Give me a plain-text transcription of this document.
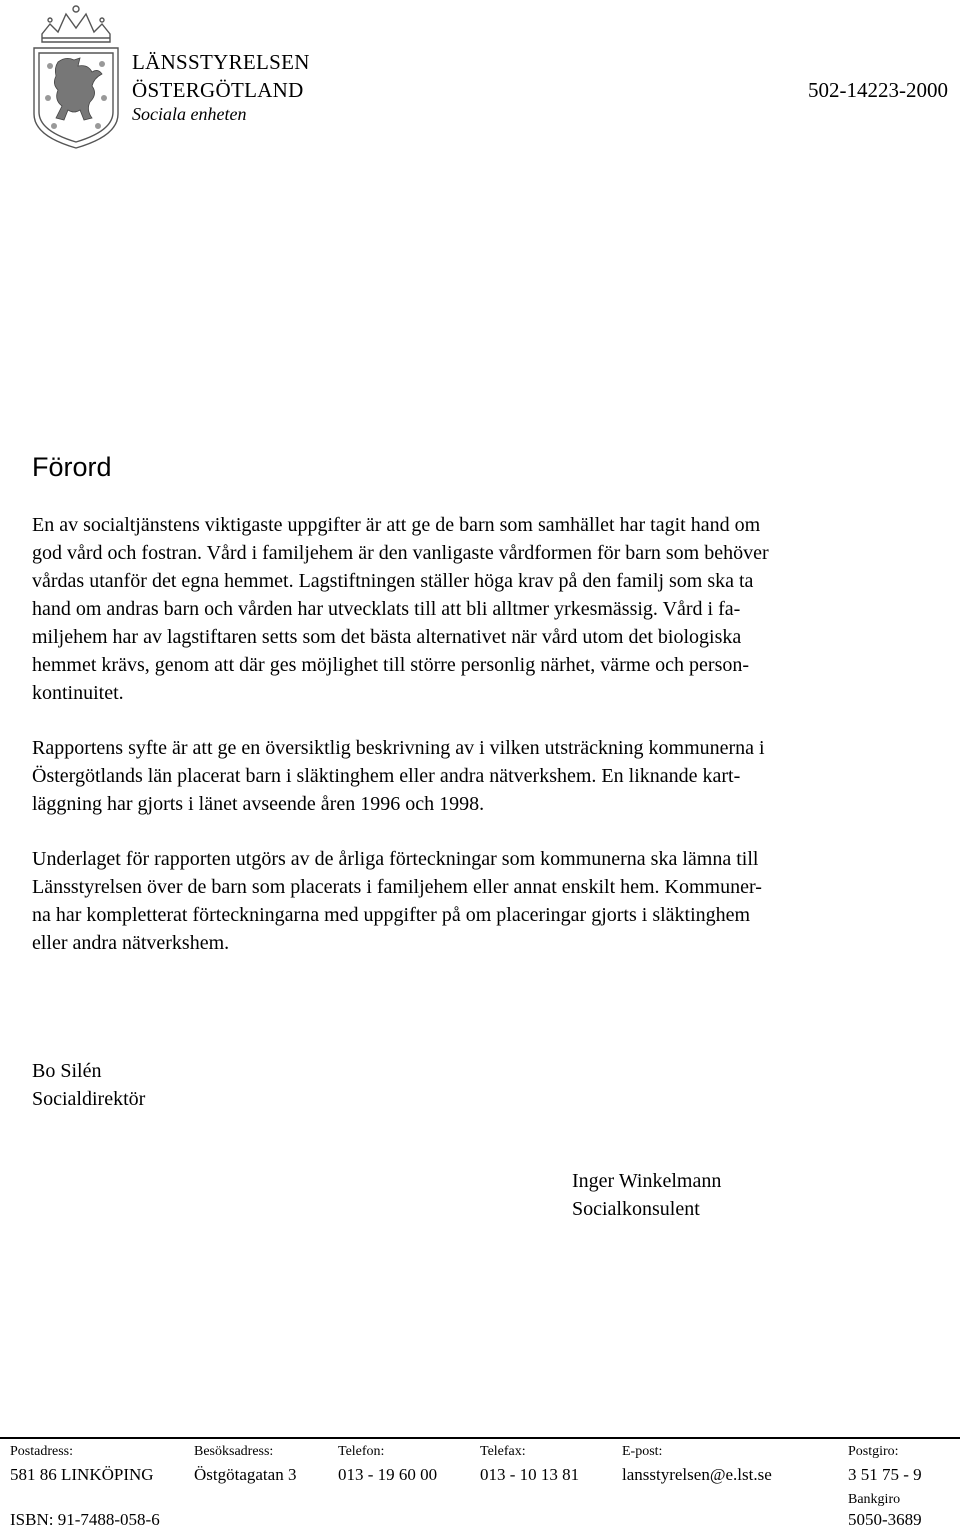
LÄNSSTYRELSEN
ÖSTERGÖTLAND
Sociala enheten
502-14223-2000
Förord
En av socialtjänstens viktigaste uppgifter är att ge de barn som samhället har tagit hand om
god vård och fostran. Vård i familjehem är den vanligaste vårdformen för barn som behöver
vårdas utanför det egna hemmet. Lagstiftningen ställer höga krav på den familj som ska ta
hand om andras barn och vården har utvecklats till att bli alltmer yrkesmässig. Vård i fa-
miljehem har av lagstiftaren setts som det bästa alternativet när vård utom det biologiska
hemmet krävs, genom att där ges möjlighet till större personlig närhet, värme och person-
kontinuitet.
Rapportens syfte är att ge en översiktlig beskrivning av i vilken utsträckning kommunerna i
Östergötlands län placerat barn i släktinghem eller andra nätverkshem. En liknande kart-
läggning har gjorts i länet avseende åren 1996 och 1998.
Underlaget för rapporten utgörs av de årliga förteckningar som kommunerna ska lämna till
Länsstyrelsen över de barn som placerats i familjehem eller annat enskilt hem. Kommuner-
na har kompletterat förteckningarna med uppgifter på om placeringar gjorts i släktinghem
eller andra nätverkshem.
Bo Silén
Socialdirektör
Inger Winkelmann
Socialkonsulent
Postadress:
581 86 LINKÖPING
Besöksadress:
Östgötagatan 3
Telefon:
013 - 19 60 00
Telefax:
013 - 10 13 81
E-post:
lansstyrelsen@e.lst.se
Postgiro:
3 51 75 - 9
Bankgiro
5050-3689
ISBN: 91-7488-058-6
